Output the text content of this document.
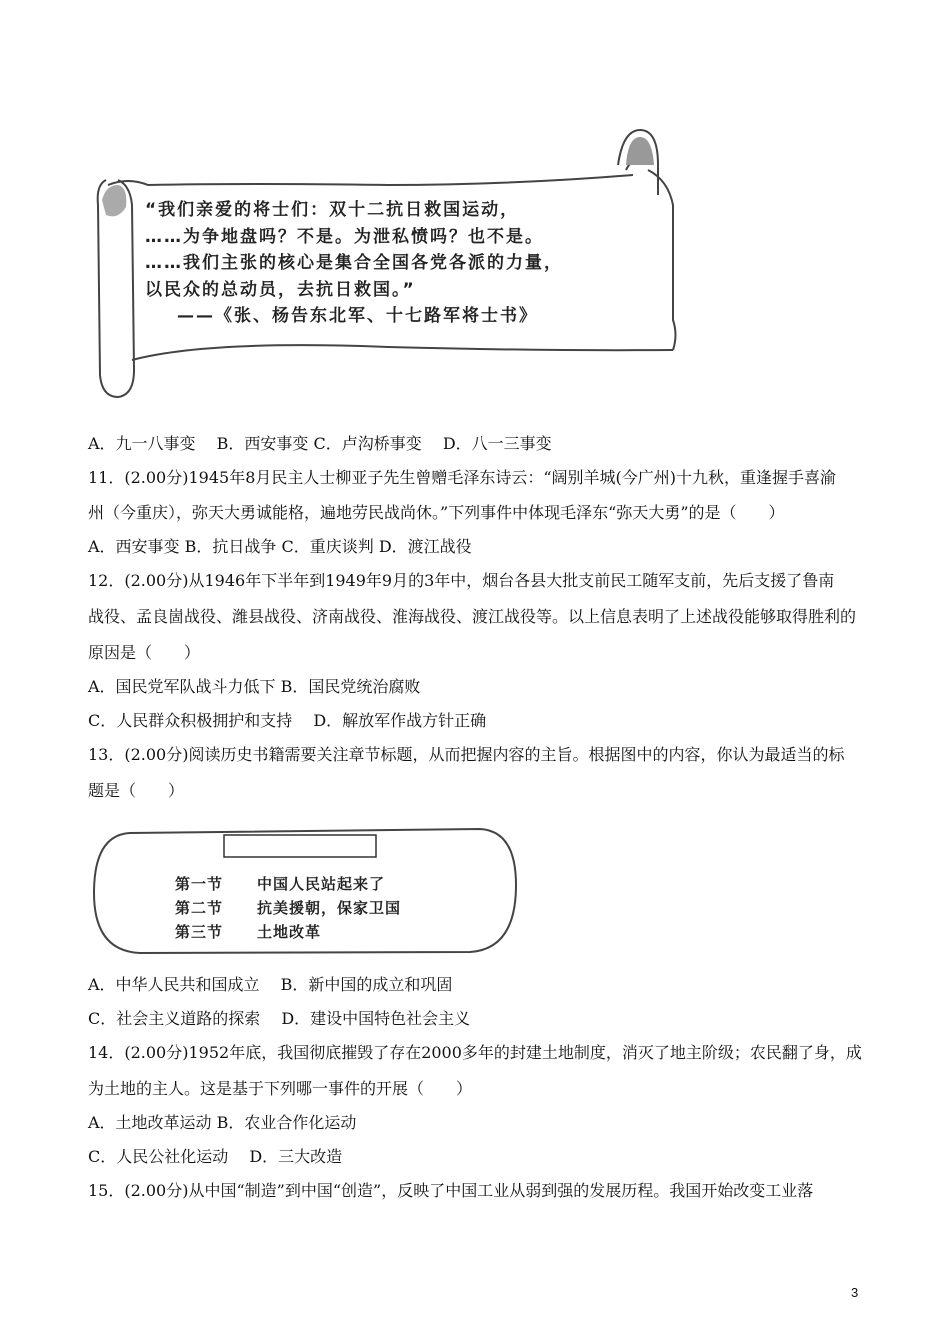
“我们亲爱的将士们：双十二抗日救国运动，
……为争地盘吗？不是。为泄私愤吗？也不是。
……我们主张的核心是集合全国各党各派的力量，
以民众的总动员，去抗日救国。”
——《张、杨告东北军、十七路军将士书》
A．九一八事变　 B．西安事变 C．卢沟桥事变　 D．八一三事变
11．(2.00分)1945年8月民主人士柳亚子先生曾赠毛泽东诗云：“阔别羊城(今广州)十九秋，重逢握手喜渝
州（今重庆），弥天大勇诚能格，遍地劳民战尚休。”下列事件中体现毛泽东“弥天大勇”的是（　　）
A．西安事变 B．抗日战争 C．重庆谈判 D．渡江战役
12．(2.00分)从1946年下半年到1949年9月的3年中，烟台各县大批支前民工随军支前，先后支援了鲁南
战役、孟良崮战役、潍县战役、济南战役、淮海战役、渡江战役等。以上信息表明了上述战役能够取得胜利的
原因是（　　）
A．国民党军队战斗力低下 B．国民党统治腐败
C．人民群众积极拥护和支持　 D．解放军作战方针正确
13．(2.00分)阅读历史书籍需要关注章节标题，从而把握内容的主旨。根据图中的内容，你认为最适当的标
题是（　　）
第一节 中国人民站起来了
第二节 抗美援朝，保家卫国
第三节 土地改革
A．中华人民共和国成立　 B．新中国的成立和巩固
C．社会主义道路的探索　 D．建设中国特色社会主义
14．(2.00分)1952年底，我国彻底摧毁了存在2000多年的封建土地制度，消灭了地主阶级；农民翻了身，成
为土地的主人。这是基于下列哪一事件的开展（　　）
A．土地改革运动 B．农业合作化运动
C．人民公社化运动　 D．三大改造
15．(2.00分)从中国“制造”到中国“创造”，反映了中国工业从弱到强的发展历程。我国开始改变工业落
3
